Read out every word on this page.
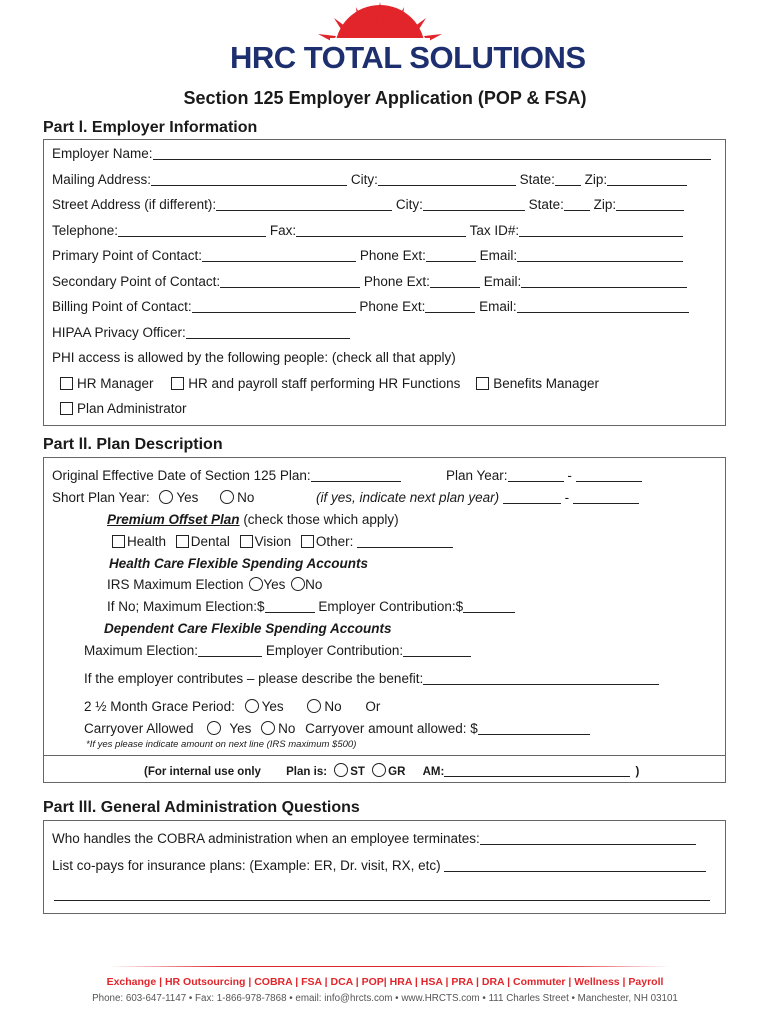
HRC TOTAL SOLUTIONS
Section 125 Employer Application (POP & FSA)
Part l. Employer Information
Employer Name:
Mailing Address:	City:	State: Zip:
Street Address (if different):	City:	State: Zip:
Telephone:	Fax:	Tax ID#:
Primary Point of Contact:	Phone Ext:	Email:
Secondary Point of Contact:	Phone Ext:	Email:
Billing Point of Contact:	Phone Ext:	Email:
HIPAA Privacy Officer:
PHI access is allowed by the following people: (check all that apply)
HR Manager	HR and payroll staff performing HR Functions Benefits Manager
Plan Administrator
Part ll. Plan Description
Original Effective Date of Section 125 Plan:	Plan Year:	-
Short Plan Year: Yes	No	(if yes, indicate next plan year)	-
Premium Offset Plan (check those which apply)
Health Dental Vision Other:
Health Care Flexible Spending Accounts
IRS Maximum Election Yes No
If No; Maximum Election:$	Employer Contribution:$
Dependent Care Flexible Spending Accounts
Maximum Election:	Employer Contribution:
If the employer contributes – please describe the benefit:
2 ½ Month Grace Period: Yes	No Or
Carryover Allowed	Yes No Carryover amount allowed: $
*If yes please indicate amount on next line (IRS maximum $500)
(For internal use only Plan is: ST GR AM:	)
Part lll. General Administration Questions
Who handles the COBRA administration when an employee terminates:
List co-pays for insurance plans: (Example: ER, Dr. visit, RX, etc)
Exchange | HR Outsourcing | COBRA | FSA | DCA | POP| HRA | HSA | PRA | DRA | Commuter | Wellness | Payroll
Phone: 603-647-1147 • Fax: 1-866-978-7868 • email: info@hrcts.com • www.HRCTS.com • 111 Charles Street • Manchester, NH 03101
